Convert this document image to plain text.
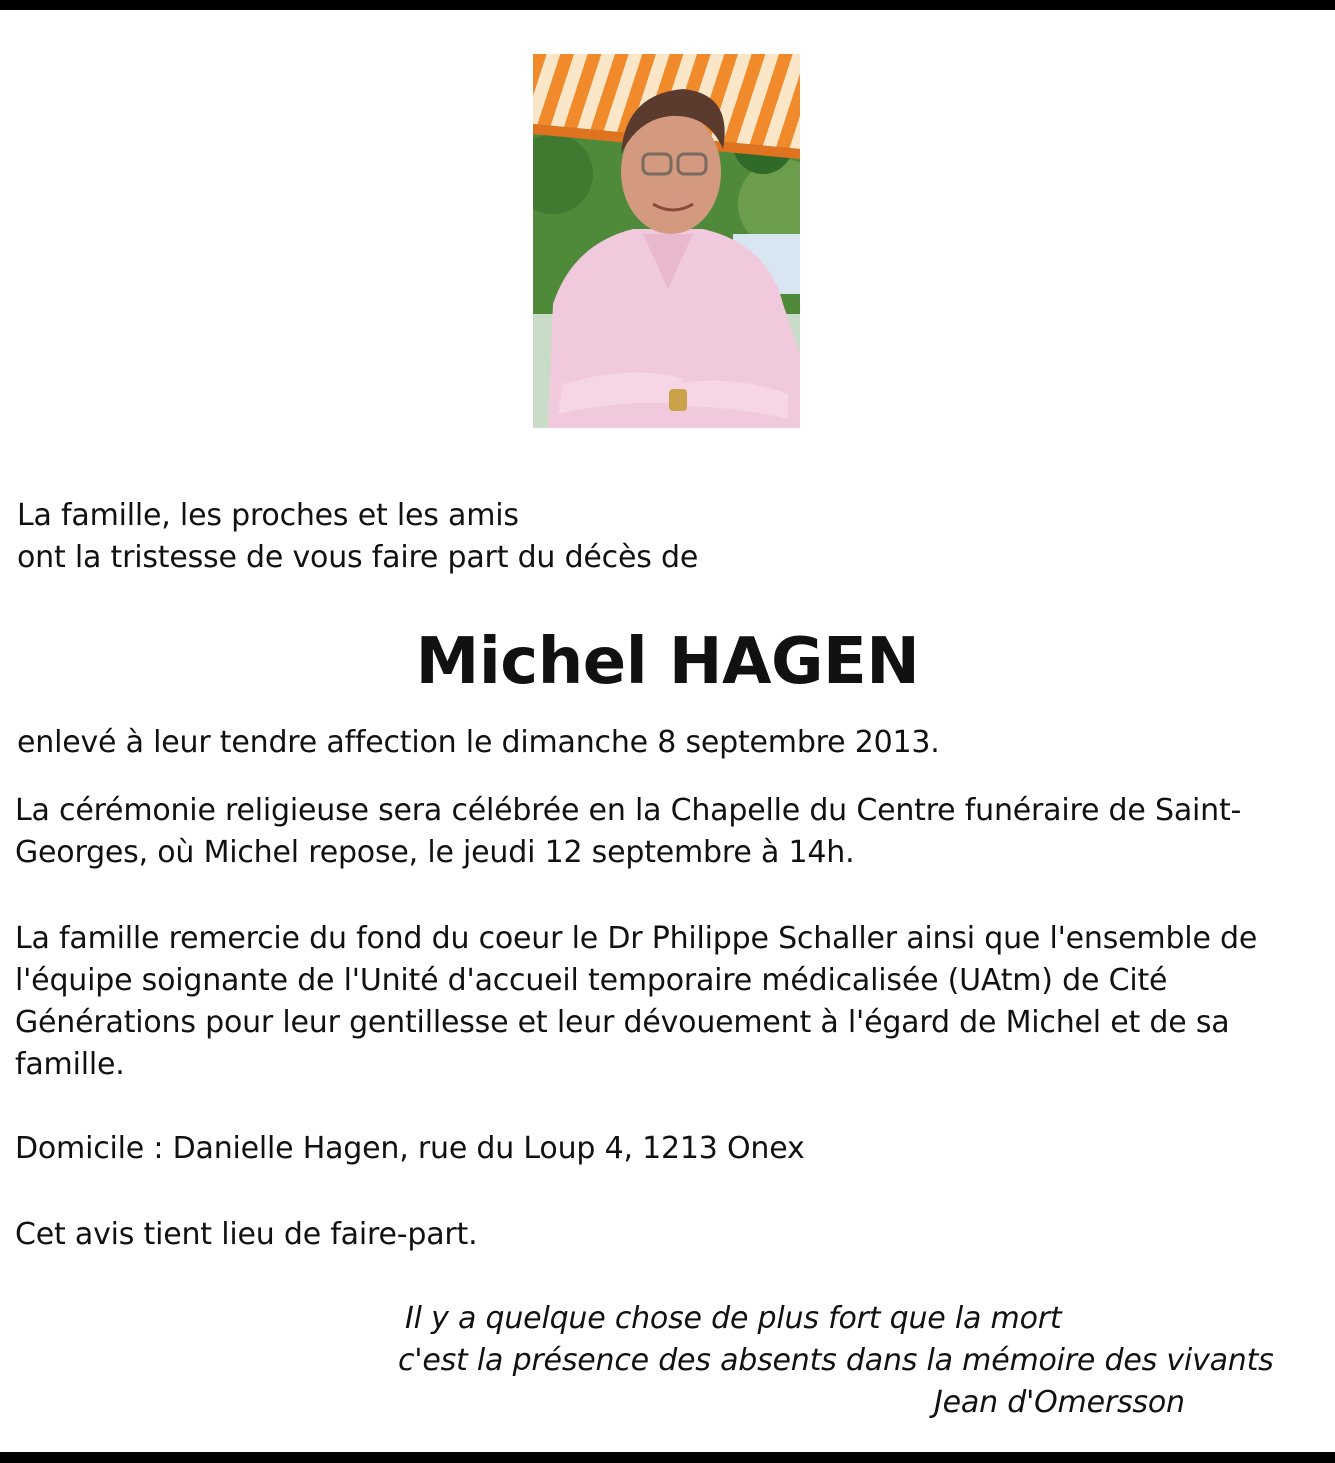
La famille, les proches et les amis
ont la tristesse de vous faire part du décès de

Michel HAGEN

enlevé à leur tendre affection le dimanche 8 septembre 2013.

La cérémonie religieuse sera célébrée en la Chapelle du Centre funéraire de Saint-Georges, où Michel repose, le jeudi 12 septembre à 14h.

La famille remercie du fond du coeur le Dr Philippe Schaller ainsi que l'ensemble de l'équipe soignante de l'Unité d'accueil temporaire médicalisée (UAtm) de Cité Générations pour leur gentillesse et leur dévouement à l'égard de Michel et de sa famille.

Domicile : Danielle Hagen, rue du Loup 4, 1213 Onex

Cet avis tient lieu de faire-part.

Il y a quelque chose de plus fort que la mort

c'est la présence des absents dans la mémoire des vivants

Jean d'Omersson
